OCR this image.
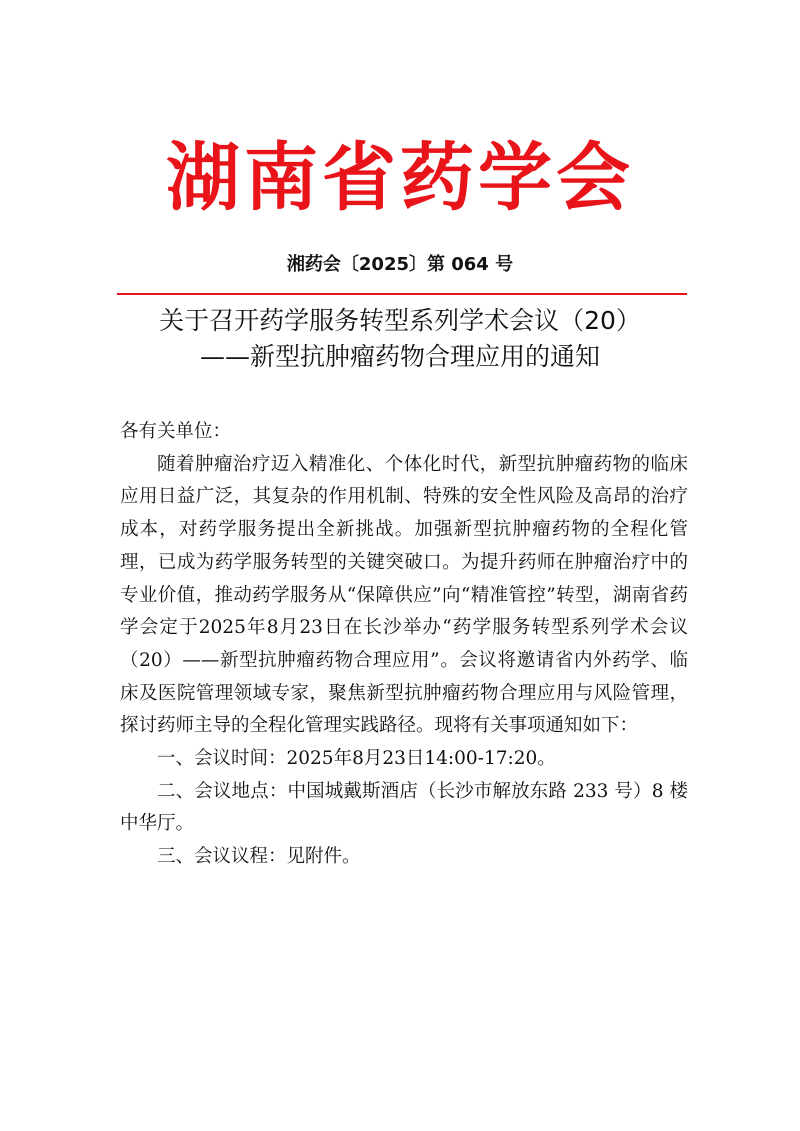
湖南省药学会
湘药会〔2025〕第 064 号
关于召开药学服务转型系列学术会议（20）
——新型抗肿瘤药物合理应用的通知

各有关单位：

随着肿瘤治疗迈入精准化、个体化时代，新型抗肿瘤药物的临床应用日益广泛，其复杂的作用机制、特殊的安全性风险及高昂的治疗成本，对药学服务提出全新挑战。加强新型抗肿瘤药物的全程化管理，已成为药学服务转型的关键突破口。为提升药师在肿瘤治疗中的专业价值，推动药学服务从“保障供应”向“精准管控”转型，湖南省药学会定于2025年8月23日在长沙举办“药学服务转型系列学术会议（20）——新型抗肿瘤药物合理应用”。会议将邀请省内外药学、临床及医院管理领域专家，聚焦新型抗肿瘤药物合理应用与风险管理，探讨药师主导的全程化管理实践路径。现将有关事项通知如下：

一、会议时间：2025年8月23日14:00-17:20。

二、会议地点：中国城戴斯酒店（长沙市解放东路 233 号）8 楼中华厅。

三、会议议程：见附件。
